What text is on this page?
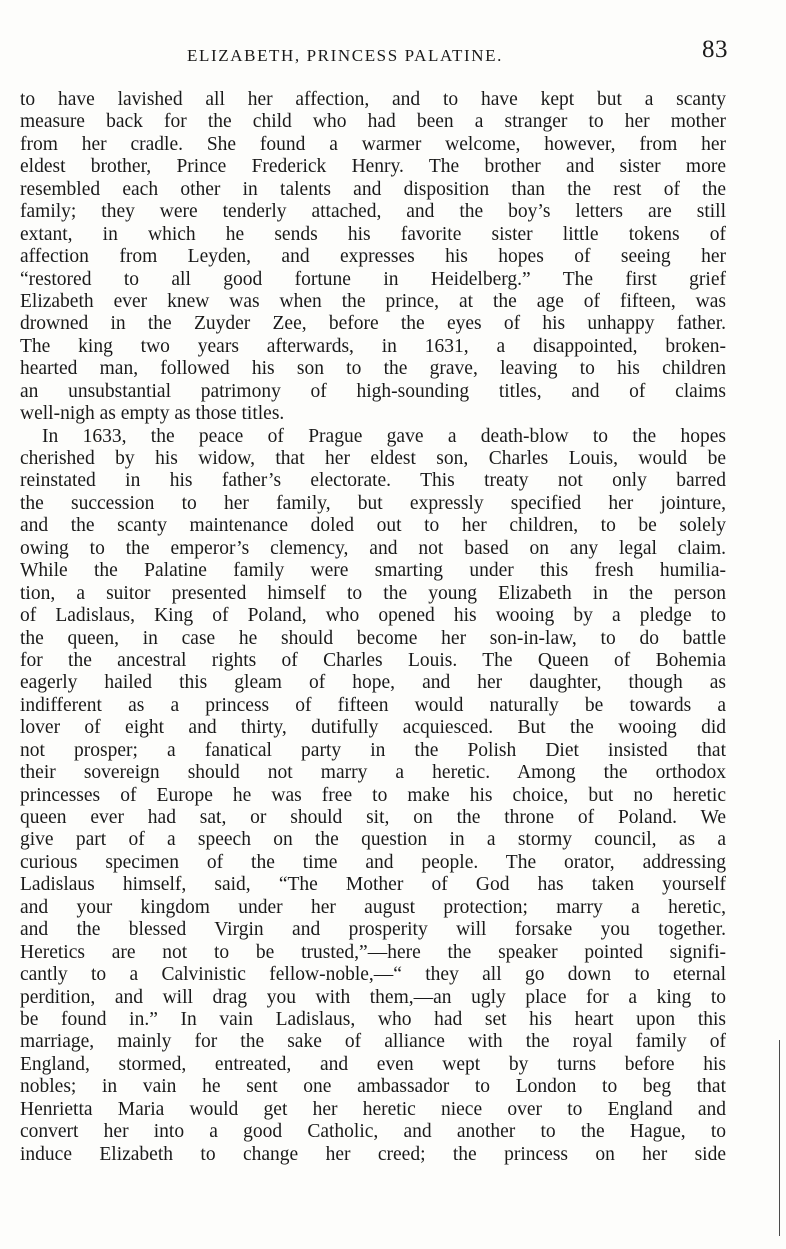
ELIZABETH, PRINCESS PALATINE.	83
to have lavished all her affection, and to have kept but a scanty
measure back for the child who had been a stranger to her mother
from her cradle. She found a warmer welcome, however, from her
eldest brother, Prince Frederick Henry. The brother and sister more
resembled each other in talents and disposition than the rest of the
family; they were tenderly attached, and the boy’s letters are still
extant, in which he sends his favorite sister little tokens of
affection from Leyden, and expresses his hopes of seeing her
“restored to all good fortune in Heidelberg.” The first grief
Elizabeth ever knew was when the prince, at the age of fifteen, was
drowned in the Zuyder Zee, before the eyes of his unhappy father.
The king two years afterwards, in 1631, a disappointed, broken-
hearted man, followed his son to the grave, leaving to his children
an unsubstantial patrimony of high-sounding titles, and of claims
well-nigh as empty as those titles.
In 1633, the peace of Prague gave a death-blow to the hopes
cherished by his widow, that her eldest son, Charles Louis, would be
reinstated in his father’s electorate. This treaty not only barred
the succession to her family, but expressly specified her jointure,
and the scanty maintenance doled out to her children, to be solely
owing to the emperor’s clemency, and not based on any legal claim.
While the Palatine family were smarting under this fresh humilia-
tion, a suitor presented himself to the young Elizabeth in the person
of Ladislaus, King of Poland, who opened his wooing by a pledge to
the queen, in case he should become her son-in-law, to do battle
for the ancestral rights of Charles Louis. The Queen of Bohemia
eagerly hailed this gleam of hope, and her daughter, though as
indifferent as a princess of fifteen would naturally be towards a
lover of eight and thirty, dutifully acquiesced. But the wooing did
not prosper; a fanatical party in the Polish Diet insisted that
their sovereign should not marry a heretic. Among the orthodox
princesses of Europe he was free to make his choice, but no heretic
queen ever had sat, or should sit, on the throne of Poland. We
give part of a speech on the question in a stormy council, as a
curious specimen of the time and people. The orator, addressing
Ladislaus himself, said, “The Mother of God has taken yourself
and your kingdom under her august protection; marry a heretic,
and the blessed Virgin and prosperity will forsake you together.
Heretics are not to be trusted,”—here the speaker pointed signifi-
cantly to a Calvinistic fellow-noble,—“ they all go down to eternal
perdition, and will drag you with them,—an ugly place for a king to
be found in.” In vain Ladislaus, who had set his heart upon this
marriage, mainly for the sake of alliance with the royal family of
England, stormed, entreated, and even wept by turns before his
nobles; in vain he sent one ambassador to London to beg that
Henrietta Maria would get her heretic niece over to England and
convert her into a good Catholic, and another to the Hague, to
induce Elizabeth to change her creed; the princess on her side
